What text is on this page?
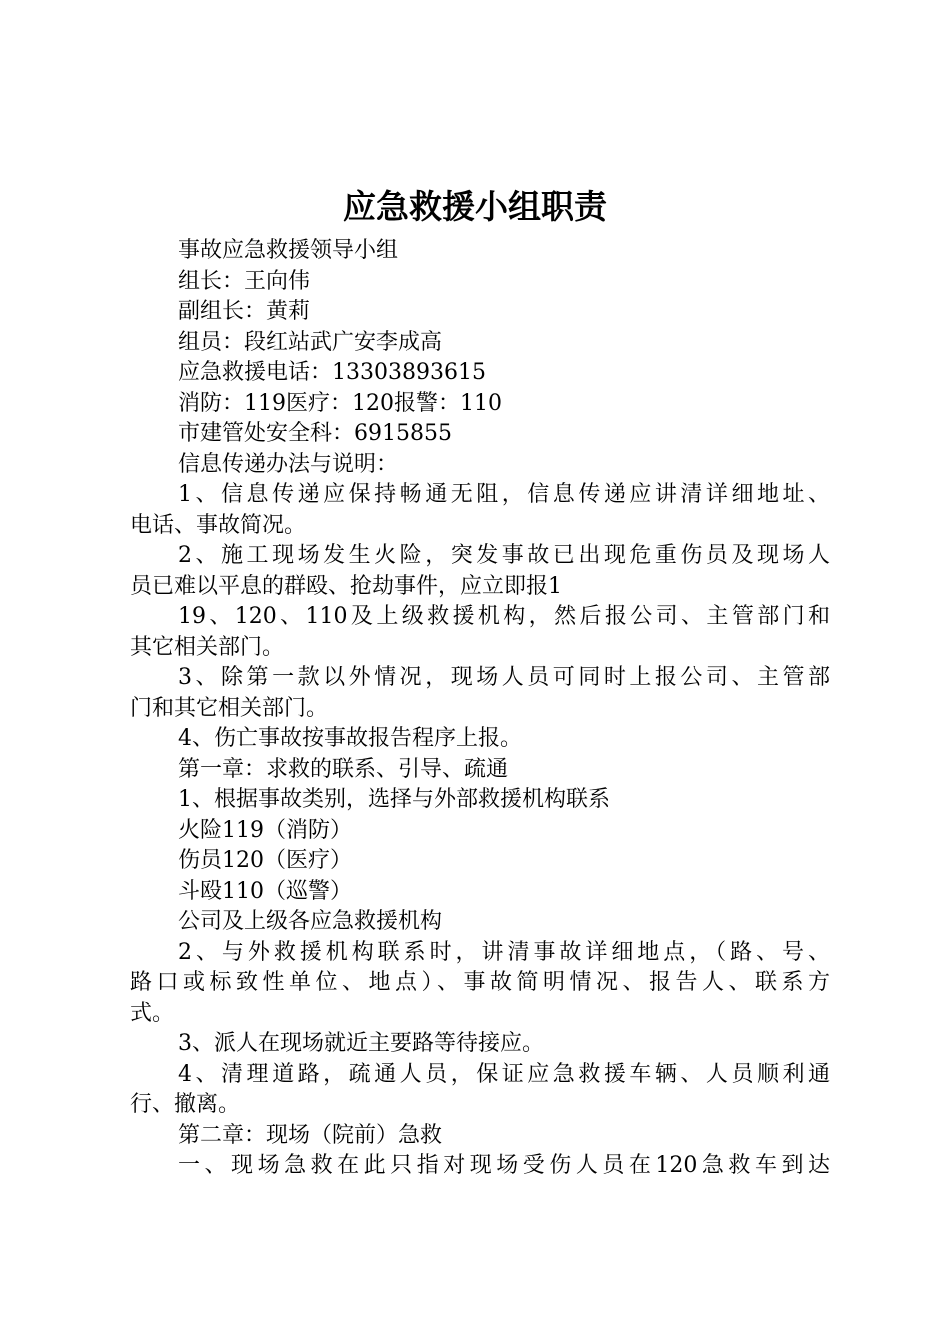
应急救援小组职责
事故应急救援领导小组
组长：王向伟
副组长：黄莉
组员：段红站武广安李成高
应急救援电话：13303893615
消防：119医疗：120报警：110
市建管处安全科：6915855
信息传递办法与说明：
1、信息传递应保持畅通无阻，信息传递应讲清详细地址、
电话、事故简况。
2、施工现场发生火险，突发事故已出现危重伤员及现场人
员已难以平息的群殴、抢劫事件，应立即报1
19、120、110及上级救援机构，然后报公司、主管部门和
其它相关部门。
3、除第一款以外情况，现场人员可同时上报公司、主管部
门和其它相关部门。
4、伤亡事故按事故报告程序上报。
第一章：求救的联系、引导、疏通
1、根据事故类别，选择与外部救援机构联系
火险119（消防）
伤员120（医疗）
斗殴110（巡警）
公司及上级各应急救援机构
2、与外救援机构联系时，讲清事故详细地点，（路、号、
路口或标致性单位、地点）、事故简明情况、报告人、联系方
式。
3、派人在现场就近主要路等待接应。
4、清理道路，疏通人员，保证应急救援车辆、人员顺利通
行、撤离。
第二章：现场（院前）急救
一、现场急救在此只指对现场受伤人员在120急救车到达
